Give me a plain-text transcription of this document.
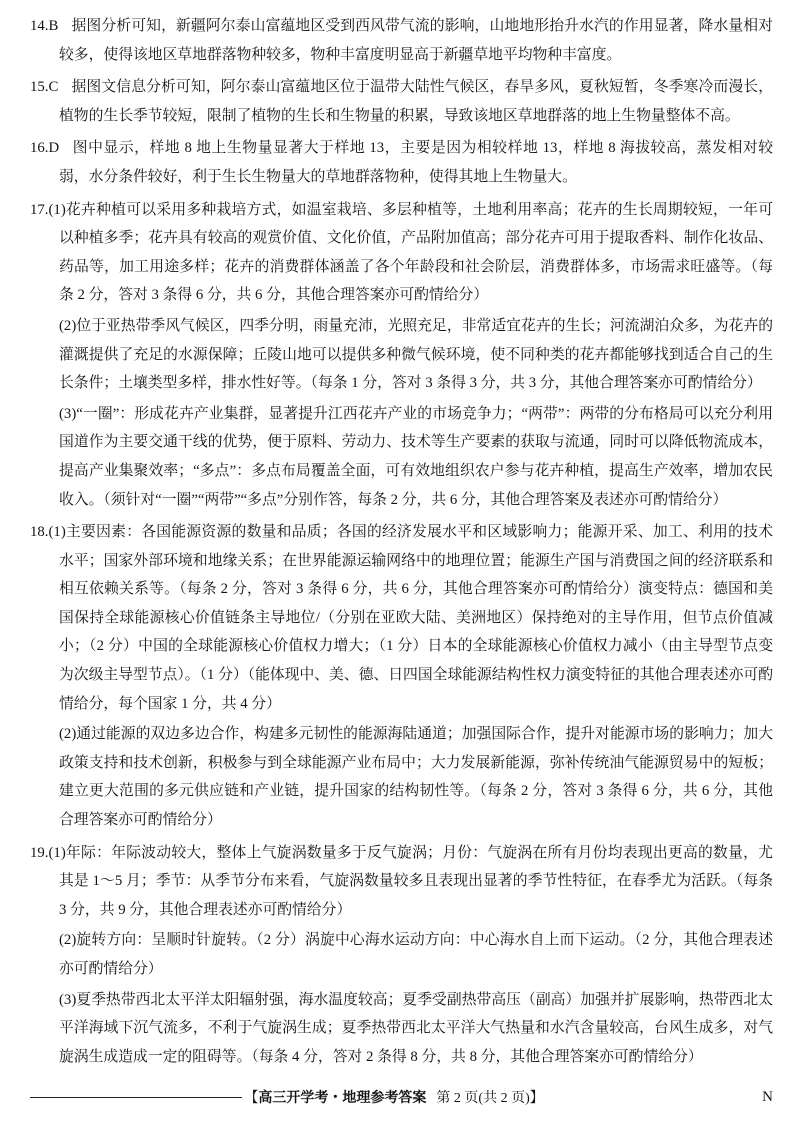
14.B 据图分析可知，新疆阿尔泰山富蕴地区受到西风带气流的影响，山地地形抬升水汽的作用显著，降水量相对较多，使得该地区草地群落物种较多，物种丰富度明显高于新疆草地平均物种丰富度。

15.C 据图文信息分析可知，阿尔泰山富蕴地区位于温带大陆性气候区，春旱多风，夏秋短暂，冬季寒冷而漫长，植物的生长季节较短，限制了植物的生长和生物量的积累，导致该地区草地群落的地上生物量整体不高。

16.D 图中显示，样地 8 地上生物量显著大于样地 13，主要是因为相较样地 13，样地 8 海拔较高，蒸发相对较弱，水分条件较好，利于生长生物量大的草地群落物种，使得其地上生物量大。

17.(1)花卉种植可以采用多种栽培方式，如温室栽培、多层种植等，土地利用率高；花卉的生长周期较短，一年可以种植多季；花卉具有较高的观赏价值、文化价值，产品附加值高；部分花卉可用于提取香料、制作化妆品、药品等，加工用途多样；花卉的消费群体涵盖了各个年龄段和社会阶层，消费群体多，市场需求旺盛等。（每条 2 分，答对 3 条得 6 分，共 6 分，其他合理答案亦可酌情给分）

(2)位于亚热带季风气候区，四季分明，雨量充沛，光照充足，非常适宜花卉的生长；河流湖泊众多，为花卉的灌溉提供了充足的水源保障；丘陵山地可以提供多种微气候环境，使不同种类的花卉都能够找到适合自己的生长条件；土壤类型多样，排水性好等。（每条 1 分，答对 3 条得 3 分，共 3 分，其他合理答案亦可酌情给分）

(3)“一圈”：形成花卉产业集群，显著提升江西花卉产业的市场竞争力；“两带”：两带的分布格局可以充分利用国道作为主要交通干线的优势，便于原料、劳动力、技术等生产要素的获取与流通，同时可以降低物流成本，提高产业集聚效率；“多点”：多点布局覆盖全面，可有效地组织农户参与花卉种植，提高生产效率，增加农民收入。（须针对“一圈”“两带”“多点”分别作答，每条 2 分，共 6 分，其他合理答案及表述亦可酌情给分）

18.(1)主要因素：各国能源资源的数量和品质；各国的经济发展水平和区域影响力；能源开采、加工、利用的技术水平；国家外部环境和地缘关系；在世界能源运输网络中的地理位置；能源生产国与消费国之间的经济联系和相互依赖关系等。（每条 2 分，答对 3 条得 6 分，共 6 分，其他合理答案亦可酌情给分）演变特点：德国和美国保持全球能源核心价值链条主导地位/（分别在亚欧大陆、美洲地区）保持绝对的主导作用，但节点价值减小；（2 分）中国的全球能源核心价值权力增大；（1 分）日本的全球能源核心价值权力减小（由主导型节点变为次级主导型节点）。（1 分）（能体现中、美、德、日四国全球能源结构性权力演变特征的其他合理表述亦可酌情给分，每个国家 1 分，共 4 分）

(2)通过能源的双边多边合作，构建多元韧性的能源海陆通道；加强国际合作，提升对能源市场的影响力；加大政策支持和技术创新，积极参与到全球能源产业布局中；大力发展新能源，弥补传统油气能源贸易中的短板；建立更大范围的多元供应链和产业链，提升国家的结构韧性等。（每条 2 分，答对 3 条得 6 分，共 6 分，其他合理答案亦可酌情给分）

19.(1)年际：年际波动较大，整体上气旋涡数量多于反气旋涡；月份：气旋涡在所有月份均表现出更高的数量，尤其是 1～5 月；季节：从季节分布来看，气旋涡数量较多且表现出显著的季节性特征，在春季尤为活跃。（每条 3 分，共 9 分，其他合理表述亦可酌情给分）

(2)旋转方向：呈顺时针旋转。（2 分）涡旋中心海水运动方向：中心海水自上而下运动。（2 分，其他合理表述亦可酌情给分）

(3)夏季热带西北太平洋太阳辐射强，海水温度较高；夏季受副热带高压（副高）加强并扩展影响，热带西北太平洋海域下沉气流多，不利于气旋涡生成；夏季热带西北太平洋大气热量和水汽含量较高，台风生成多，对气旋涡生成造成一定的阻碍等。（每条 4 分，答对 2 条得 8 分，共 8 分，其他合理答案亦可酌情给分）

【高三开学考・地理参考答案 第 2 页(共 2 页)】	N
